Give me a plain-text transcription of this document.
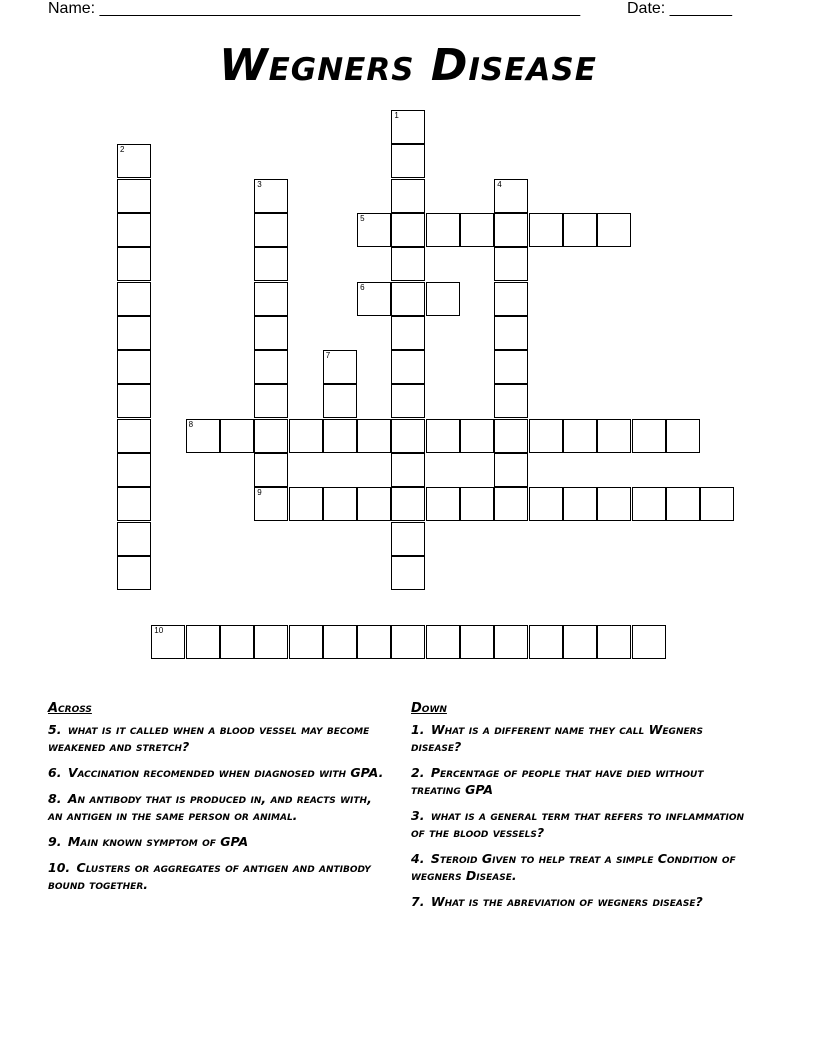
Name: ______________________________________________________	Date: _______
Wegners Disease
1
2
3
9
4
5
6
7
8
10
Across
5. what is it called when a blood vessel may become weakened and stretch?
6. Vaccination recomended when diagnosed with GPA.
8. An antibody that is produced in, and reacts with, an antigen in the same person or animal.
9. Main known symptom of GPA
10. Clusters or aggregates of antigen and antibody bound together.
Down
1. What is a different name they call Wegners disease?
2. Percentage of people that have died without treating GPA
3. what is a general term that refers to inflammation of the blood vessels?
4. Steroid Given to help treat a simple Condition of wegners Disease.
7. What is the abreviation of wegners disease?
